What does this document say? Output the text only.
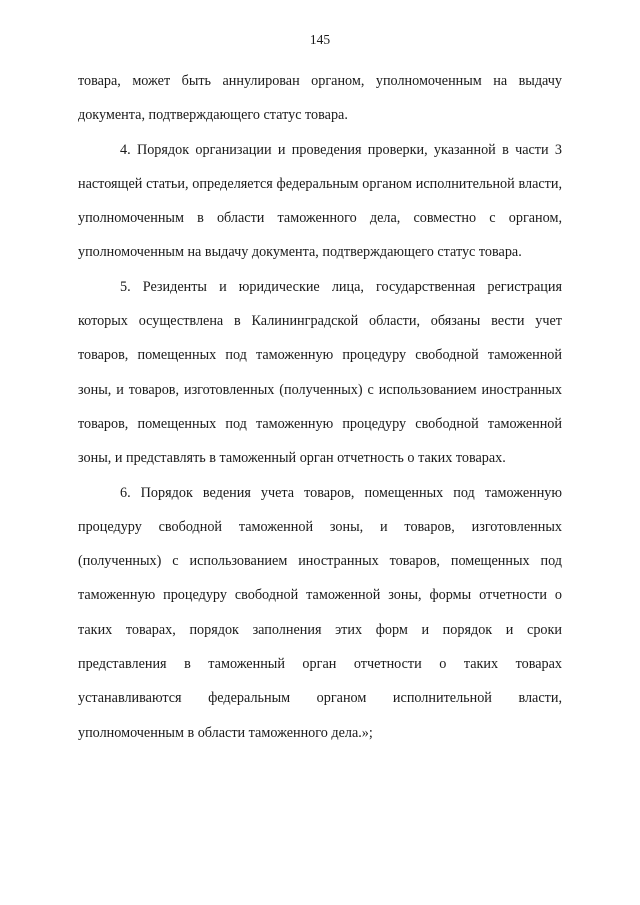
145

товара, может быть аннулирован органом, уполномоченным на выдачу документа, подтверждающего статус товара.

4. Порядок организации и проведения проверки, указанной в части 3 настоящей статьи, определяется федеральным органом исполнительной власти, уполномоченным в области таможенного дела, совместно с органом, уполномоченным на выдачу документа, подтверждающего статус товара.

5. Резиденты и юридические лица, государственная регистрация которых осуществлена в Калининградской области, обязаны вести учет товаров, помещенных под таможенную процедуру свободной таможенной зоны, и товаров, изготовленных (полученных) с использованием иностранных товаров, помещенных под таможенную процедуру свободной таможенной зоны, и представлять в таможенный орган отчетность о таких товарах.

6. Порядок ведения учета товаров, помещенных под таможенную процедуру свободной таможенной зоны, и товаров, изготовленных (полученных) с использованием иностранных товаров, помещенных под таможенную процедуру свободной таможенной зоны, формы отчетности о таких товарах, порядок заполнения этих форм и порядок и сроки представления в таможенный орган отчетности о таких товарах устанавливаются федеральным органом исполнительной власти, уполномоченным в области таможенного дела.»;
